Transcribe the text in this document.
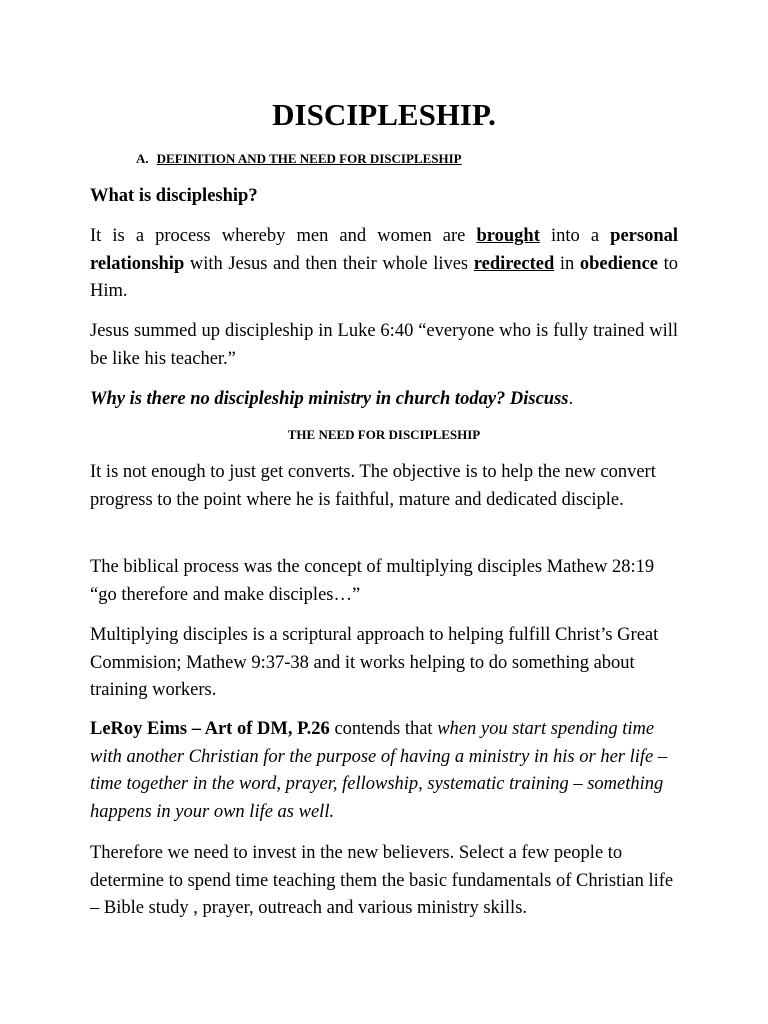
DISCIPLESHIP.
A. DEFINITION AND THE NEED FOR DISCIPLESHIP

What is discipleship?

It is a process whereby men and women are brought into a personal relationship with Jesus and then their whole lives redirected in obedience to Him.

Jesus summed up discipleship in Luke 6:40 “everyone who is fully trained will be like his teacher.”

Why is there no discipleship ministry in church today? Discuss.

THE NEED FOR DISCIPLESHIP

It is not enough to just get converts. The objective is to help the new convert progress to the point where he is faithful, mature and dedicated disciple.

The biblical process was the concept of multiplying disciples Mathew 28:19 “go therefore and make disciples…”

Multiplying disciples is a scriptural approach to helping fulfill Christ’s Great Commision; Mathew 9:37-38 and it works helping to do something about training workers.

LeRoy Eims – Art of DM, P.26 contends that when you start spending time with another Christian for the purpose of having a ministry in his or her life – time together in the word, prayer, fellowship, systematic training – something happens in your own life as well.

Therefore we need to invest in the new believers. Select a few people to determine to spend time teaching them the basic fundamentals of Christian life – Bible study , prayer, outreach and various ministry skills.
